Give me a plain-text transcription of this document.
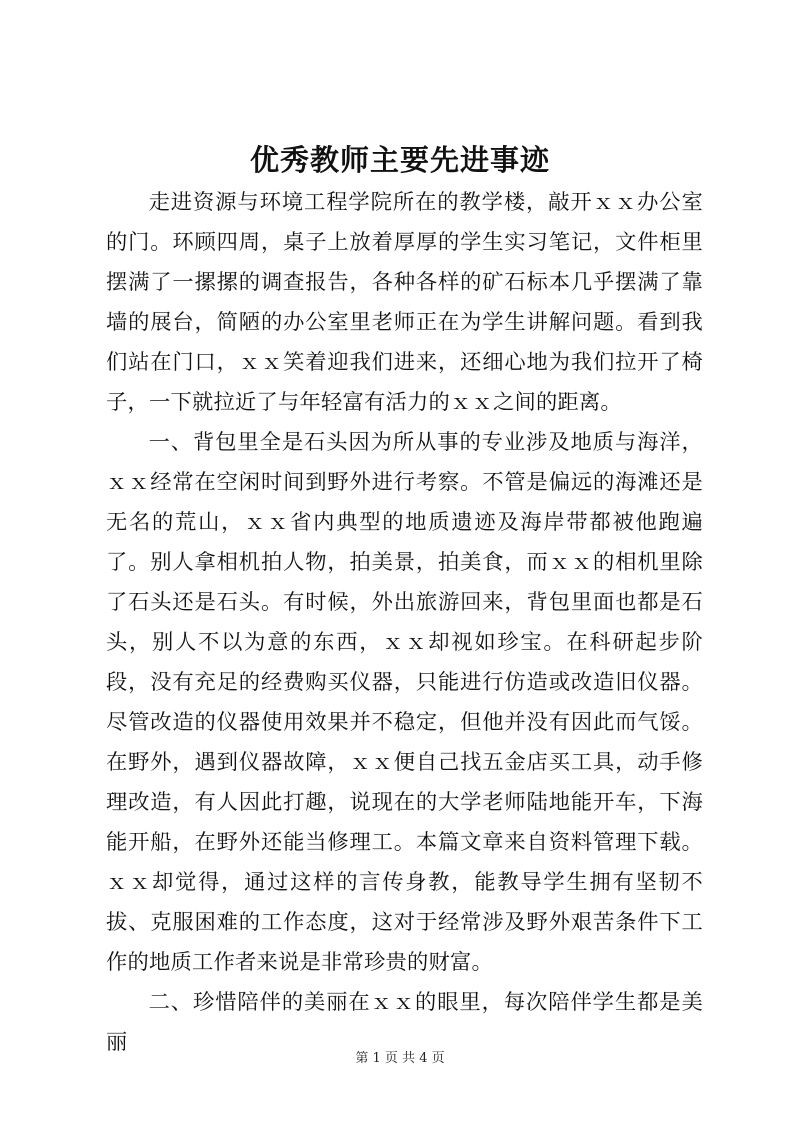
优秀教师主要先进事迹

走进资源与环境工程学院所在的教学楼，敲开ｘｘ办公室的门。环顾四周，桌子上放着厚厚的学生实习笔记，文件柜里摆满了一摞摞的调查报告，各种各样的矿石标本几乎摆满了靠墙的展台，简陋的办公室里老师正在为学生讲解问题。看到我们站在门口，ｘｘ笑着迎我们进来，还细心地为我们拉开了椅子，一下就拉近了与年轻富有活力的ｘｘ之间的距离。

一、背包里全是石头因为所从事的专业涉及地质与海洋，ｘｘ经常在空闲时间到野外进行考察。不管是偏远的海滩还是无名的荒山，ｘｘ省内典型的地质遗迹及海岸带都被他跑遍了。别人拿相机拍人物，拍美景，拍美食，而ｘｘ的相机里除了石头还是石头。有时候，外出旅游回来，背包里面也都是石头，别人不以为意的东西，ｘｘ却视如珍宝。在科研起步阶段，没有充足的经费购买仪器，只能进行仿造或改造旧仪器。尽管改造的仪器使用效果并不稳定，但他并没有因此而气馁。在野外，遇到仪器故障，ｘｘ便自己找五金店买工具，动手修理改造，有人因此打趣，说现在的大学老师陆地能开车，下海能开船，在野外还能当修理工。本篇文章来自资料管理下载。ｘｘ却觉得，通过这样的言传身教，能教导学生拥有坚韧不拔、克服困难的工作态度，这对于经常涉及野外艰苦条件下工作的地质工作者来说是非常珍贵的财富。

二、珍惜陪伴的美丽在ｘｘ的眼里，每次陪伴学生都是美丽

第 1 页 共 4 页
